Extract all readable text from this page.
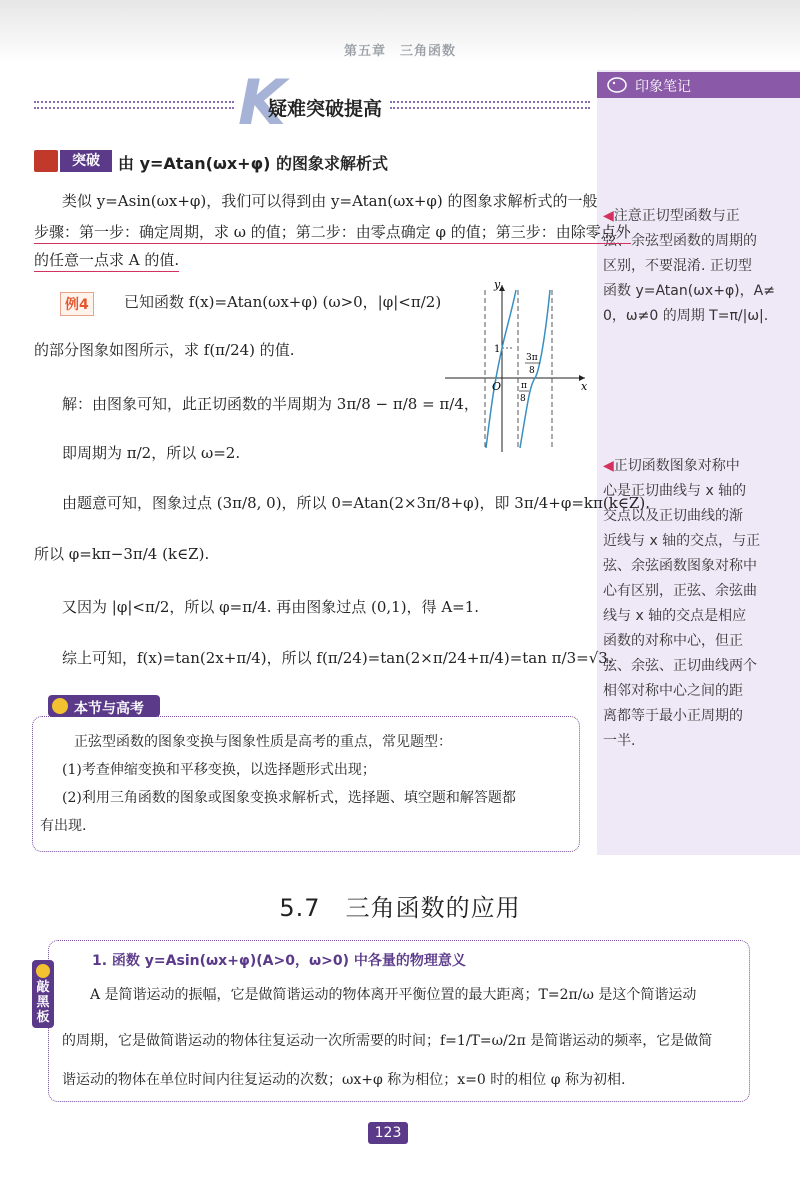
第五章　三角函数
印象笔记
◀注意正切型函数与正
弦、余弦型函数的周期的
区别，不要混淆. 正切型
函数 y=Atan(ωx+φ)，A≠
0，ω≠0 的周期 T=π/|ω|.
◀正切函数图象对称中
心是正切曲线与 x 轴的
交点以及正切曲线的渐
近线与 x 轴的交点，与正
弦、余弦函数图象对称中
心有区别，正弦、余弦曲
线与 x 轴的交点是相应
函数的对称中心，但正
弦、余弦、正切曲线两个
相邻对称中心之间的距
离都等于最小正周期的
一半.
K
疑难突破提高
突破	由 y=Atan(ωx+φ) 的图象求解析式
类似 y=Asin(ωx+φ)，我们可以得到由 y=Atan(ωx+φ) 的图象求解析式的一般
步骤：第一步：确定周期，求 ω 的值；第二步：由零点确定 φ 的值；第三步：由除零点外
的任意一点求 A 的值.
例4	已知函数 f(x)=Atan(ωx+φ) (ω>0，|φ|<π/2)
的部分图象如图所示，求 f(π/24) 的值.
解：由图象可知，此正切函数的半周期为 3π/8 − π/8 = π/4，
即周期为 π/2，所以 ω=2.
由题意可知，图象过点 (3π/8, 0)，所以 0=Atan(2×3π/8+φ)，即 3π/4+φ=kπ(k∈Z).
所以 φ=kπ−3π/4 (k∈Z).
又因为 |φ|<π/2，所以 φ=π/4. 再由图象过点 (0,1)，得 A=1.
综上可知，f(x)=tan(2x+π/4)，所以 f(π/24)=tan(2×π/24+π/4)=tan π/3=√3.
y
x
O
1
3π
8
π
8
本节与高考
正弦型函数的图象变换与图象性质是高考的重点，常见题型：
(1)考查伸缩变换和平移变换，以选择题形式出现；
(2)利用三角函数的图象或图象变换求解析式，选择题、填空题和解答题都
有出现.
5.7　三角函数的应用
敲黑板
1. 函数 y=Asin(ωx+φ)(A>0，ω>0) 中各量的物理意义
A 是简谐运动的振幅，它是做简谐运动的物体离开平衡位置的最大距离；T=2π/ω 是这个简谐运动
的周期，它是做简谐运动的物体往复运动一次所需要的时间；f=1/T=ω/2π 是简谐运动的频率，它是做简
谐运动的物体在单位时间内往复运动的次数；ωx+φ 称为相位；x=0 时的相位 φ 称为初相.
123
